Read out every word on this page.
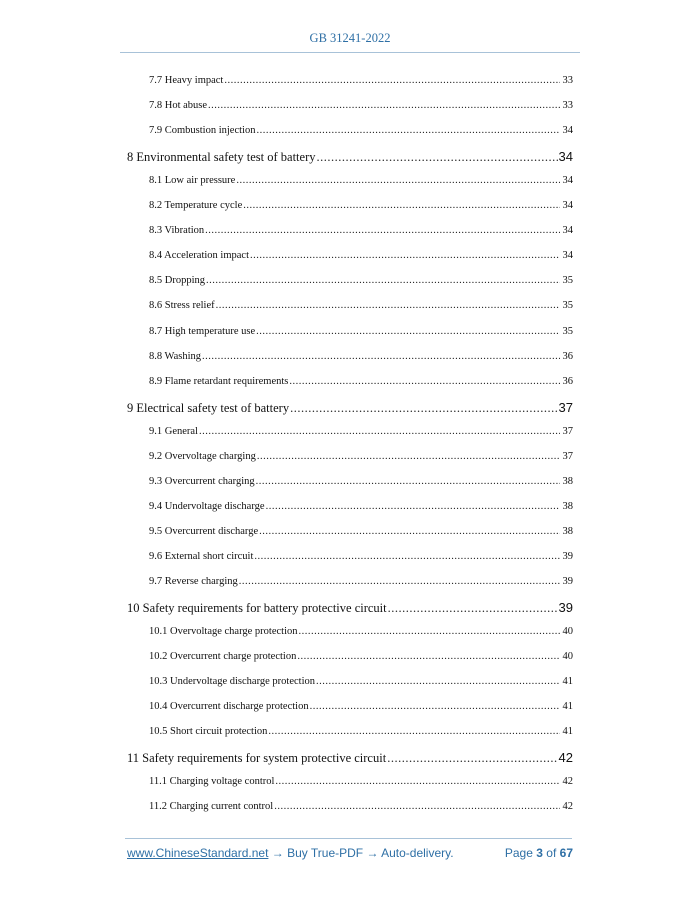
GB 31241-2022
7.7 Heavy impact .....	33
7.8 Hot abuse .....	33
7.9 Combustion injection .....	34
8 Environmental safety test of battery .....	34
8.1 Low air pressure .....	34
8.2 Temperature cycle .....	34
8.3 Vibration .....	34
8.4 Acceleration impact .....	34
8.5 Dropping .....	35
8.6 Stress relief .....	35
8.7 High temperature use .....	35
8.8 Washing .....	36
8.9 Flame retardant requirements .....	36
9 Electrical safety test of battery .....	37
9.1 General .....	37
9.2 Overvoltage charging .....	37
9.3 Overcurrent charging .....	38
9.4 Undervoltage discharge .....	38
9.5 Overcurrent discharge .....	38
9.6 External short circuit .....	39
9.7 Reverse charging .....	39
10 Safety requirements for battery protective circuit .....	39
10.1 Overvoltage charge protection .....	40
10.2 Overcurrent charge protection .....	40
10.3 Undervoltage discharge protection .....	41
10.4 Overcurrent discharge protection .....	41
10.5 Short circuit protection .....	41
11 Safety requirements for system protective circuit .....	42
11.1 Charging voltage control .....	42
11.2 Charging current control .....	42
www.ChineseStandard.net → Buy True-PDF → Auto-delivery.	Page 3 of 67
